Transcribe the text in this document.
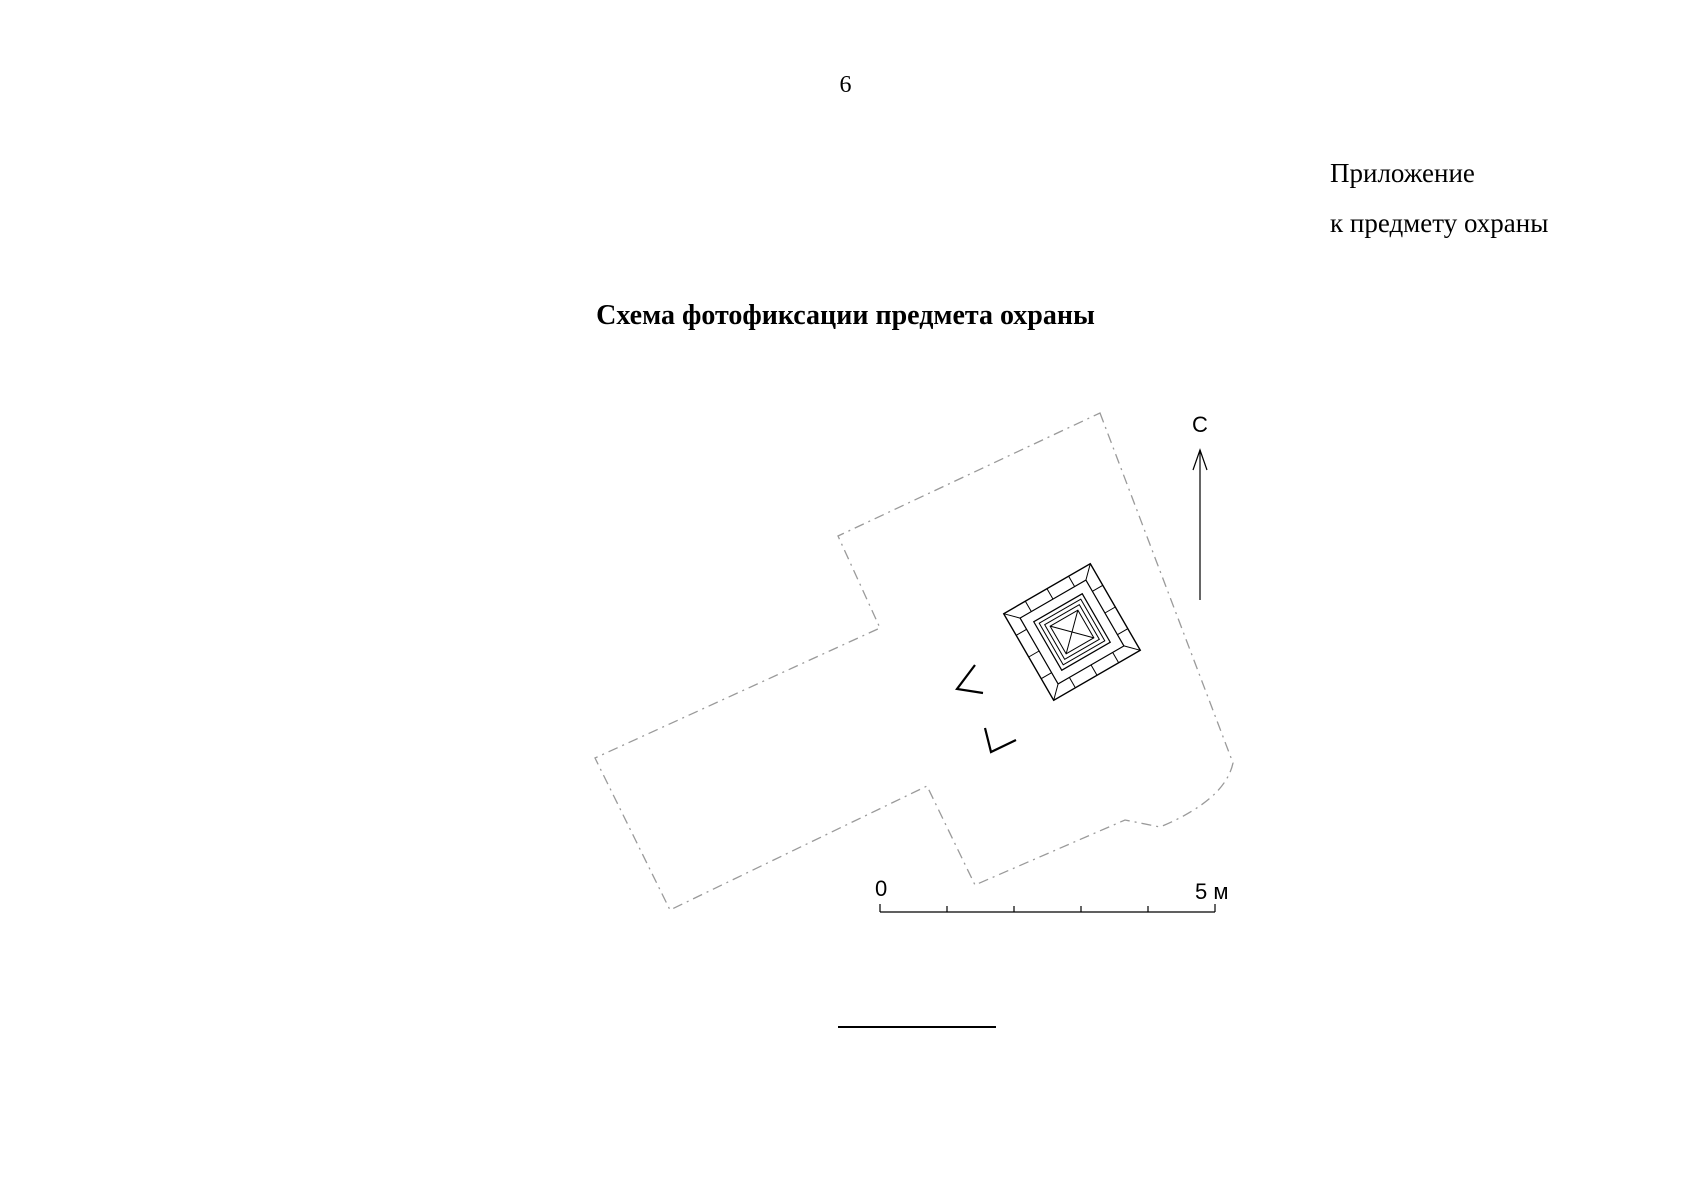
6
Приложение
к предмету охраны
Схема фотофиксации предмета охраны
С
0	5 м
